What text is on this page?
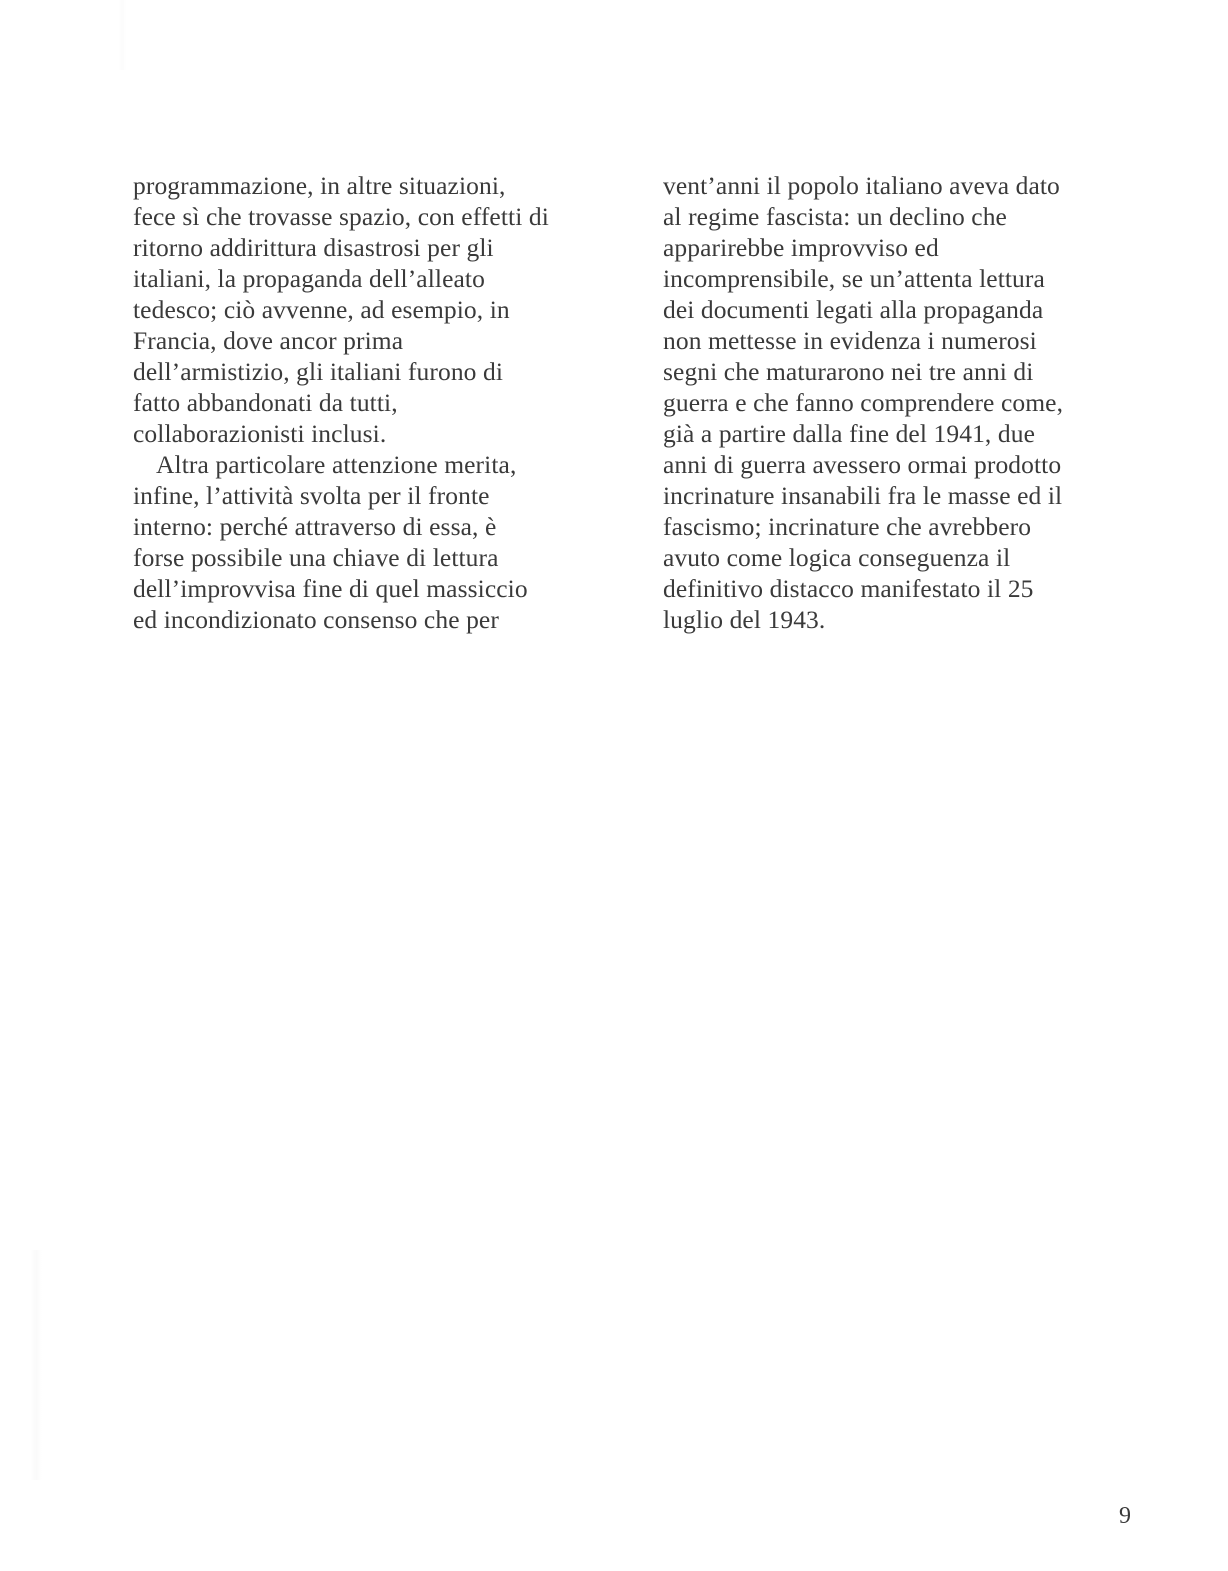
programmazione, in altre situazioni,
fece sì che trovasse spazio, con effetti di
ritorno addirittura disastrosi per gli
italiani, la propaganda dell’alleato
tedesco; ciò avvenne, ad esempio, in
Francia, dove ancor prima
dell’armistizio, gli italiani furono di
fatto abbandonati da tutti,
collaborazionisti inclusi.
Altra particolare attenzione merita,
infine, l’attività svolta per il fronte
interno: perché attraverso di essa, è
forse possibile una chiave di lettura
dell’improvvisa fine di quel massiccio
ed incondizionato consenso che per
vent’anni il popolo italiano aveva dato
al regime fascista: un declino che
apparirebbe improvviso ed
incomprensibile, se un’attenta lettura
dei documenti legati alla propaganda
non mettesse in evidenza i numerosi
segni che maturarono nei tre anni di
guerra e che fanno comprendere come,
già a partire dalla fine del 1941, due
anni di guerra avessero ormai prodotto
incrinature insanabili fra le masse ed il
fascismo; incrinature che avrebbero
avuto come logica conseguenza il
definitivo distacco manifestato il 25
luglio del 1943.
9
